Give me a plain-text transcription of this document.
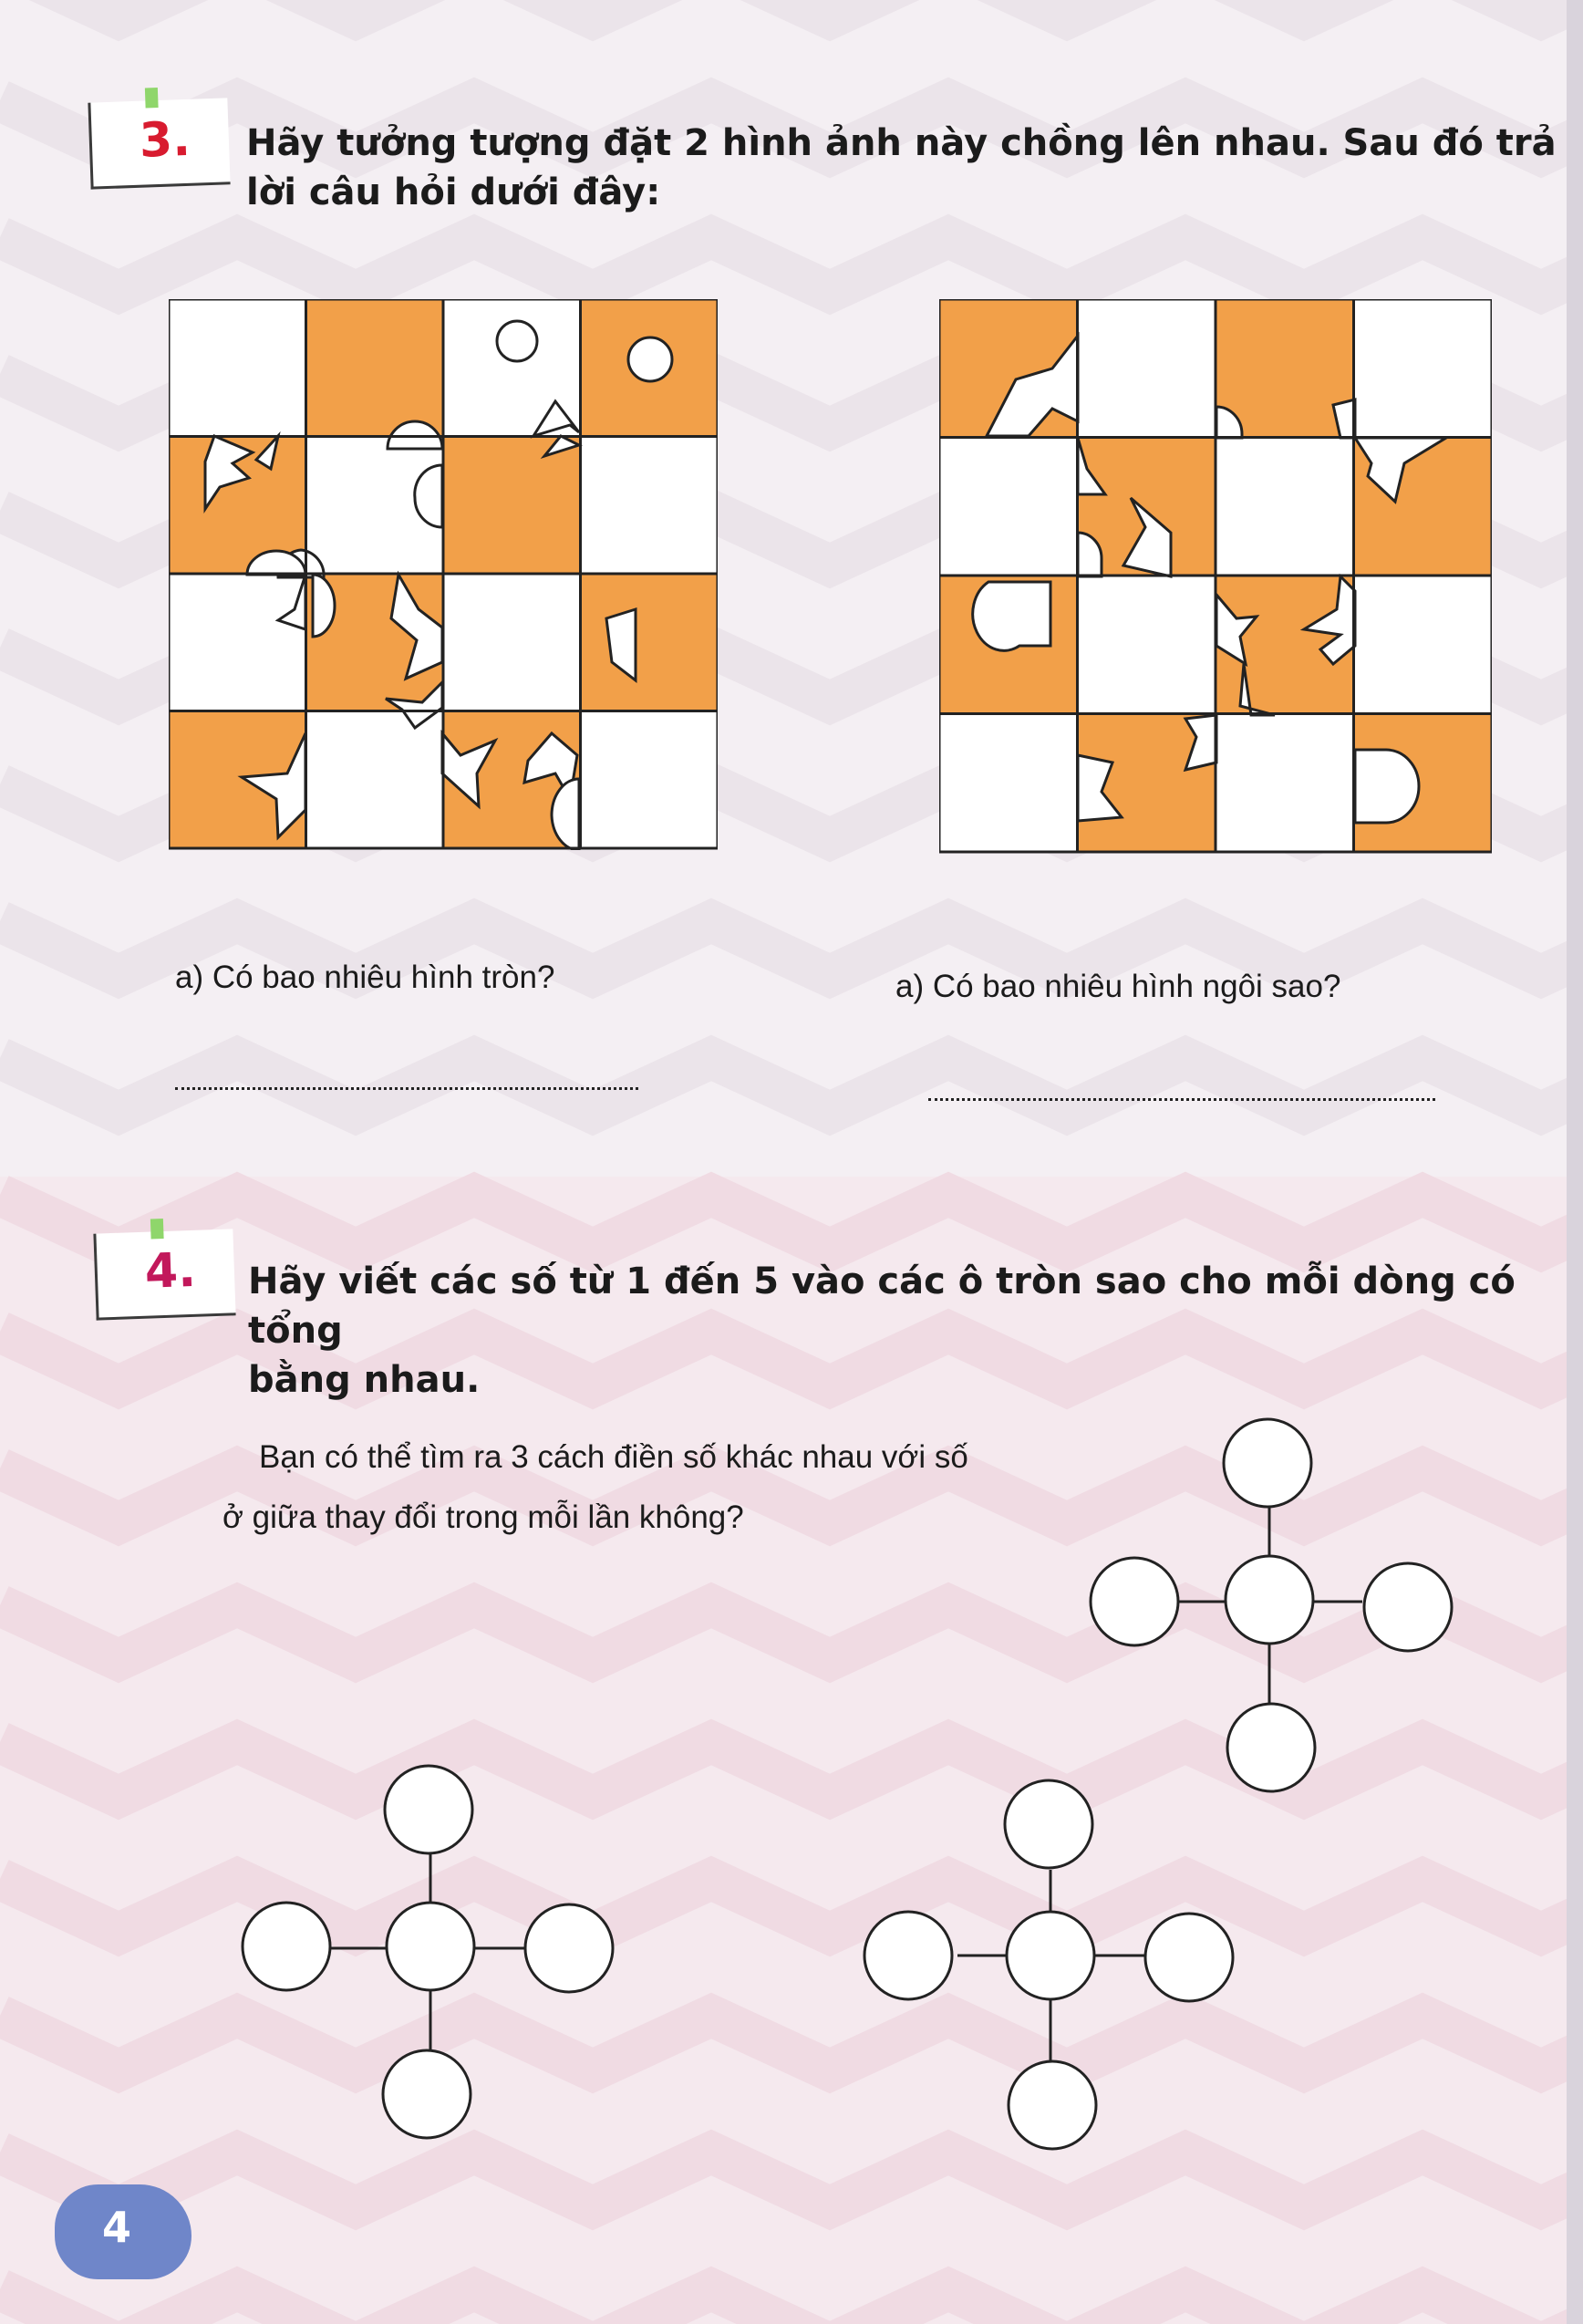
3. Hãy tưởng tượng đặt 2 hình ảnh này chồng lên nhau. Sau đó trả
lời câu hỏi dưới đây:
a) Có bao nhiêu hình tròn?	a) Có bao nhiêu hình ngôi sao?
4. Hãy viết các số từ 1 đến 5 vào các ô tròn sao cho mỗi dòng có tổng
bằng nhau.
Bạn có thể tìm ra 3 cách điền số khác nhau với số
ở giữa thay đổi trong mỗi lần không?
4
